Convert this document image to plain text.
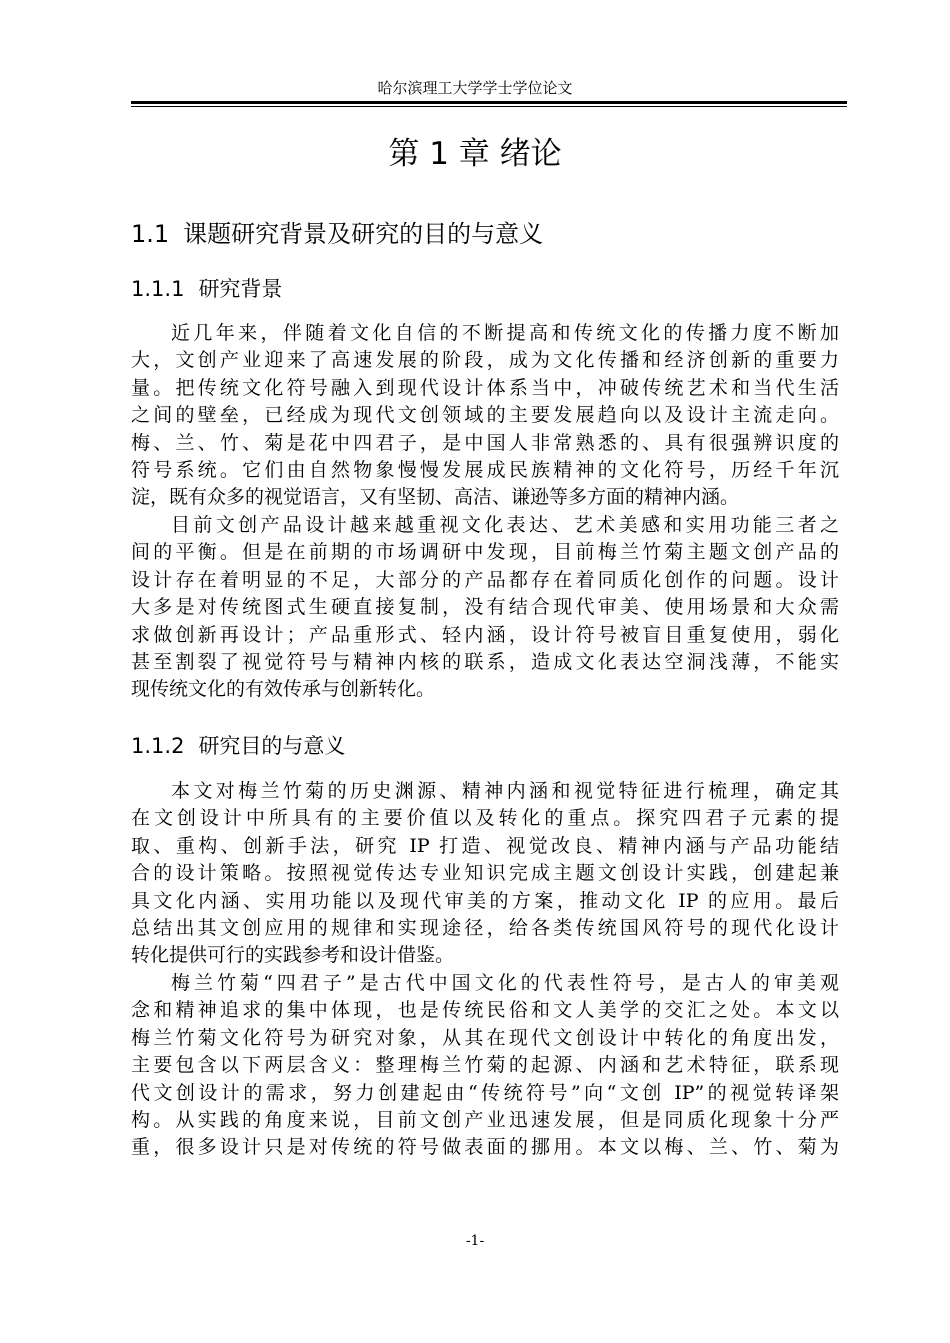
哈尔滨理工大学学士学位论文
第 1 章 绪论
1.1 课题研究背景及研究的目的与意义
1.1.1 研究背景
近几年来，伴随着文化自信的不断提高和传统文化的传播力度不断加
大，文创产业迎来了高速发展的阶段，成为文化传播和经济创新的重要力
量。把传统文化符号融入到现代设计体系当中，冲破传统艺术和当代生活
之间的壁垒，已经成为现代文创领域的主要发展趋向以及设计主流走向。
梅、兰、竹、菊是花中四君子，是中国人非常熟悉的、具有很强辨识度的
符号系统。它们由自然物象慢慢发展成民族精神的文化符号，历经千年沉
淀，既有众多的视觉语言，又有坚韧、高洁、谦逊等多方面的精神内涵。
目前文创产品设计越来越重视文化表达、艺术美感和实用功能三者之
间的平衡。但是在前期的市场调研中发现，目前梅兰竹菊主题文创产品的
设计存在着明显的不足，大部分的产品都存在着同质化创作的问题。设计
大多是对传统图式生硬直接复制，没有结合现代审美、使用场景和大众需
求做创新再设计；产品重形式、轻内涵，设计符号被盲目重复使用，弱化
甚至割裂了视觉符号与精神内核的联系，造成文化表达空洞浅薄，不能实
现传统文化的有效传承与创新转化。
1.1.2 研究目的与意义
本文对梅兰竹菊的历史渊源、精神内涵和视觉特征进行梳理，确定其
在文创设计中所具有的主要价值以及转化的重点。探究四君子元素的提
取、重构、创新手法，研究 IP 打造、视觉改良、精神内涵与产品功能结
合的设计策略。按照视觉传达专业知识完成主题文创设计实践，创建起兼
具文化内涵、实用功能以及现代审美的方案，推动文化 IP 的应用。最后
总结出其文创应用的规律和实现途径，给各类传统国风符号的现代化设计
转化提供可行的实践参考和设计借鉴。
梅兰竹菊“四君子”是古代中国文化的代表性符号，是古人的审美观
念和精神追求的集中体现，也是传统民俗和文人美学的交汇之处。本文以
梅兰竹菊文化符号为研究对象，从其在现代文创设计中转化的角度出发，
主要包含以下两层含义：整理梅兰竹菊的起源、内涵和艺术特征，联系现
代文创设计的需求，努力创建起由“传统符号”向“文创 IP”的视觉转译架
构。从实践的角度来说，目前文创产业迅速发展，但是同质化现象十分严
重，很多设计只是对传统的符号做表面的挪用。本文以梅、兰、竹、菊为
-1-
